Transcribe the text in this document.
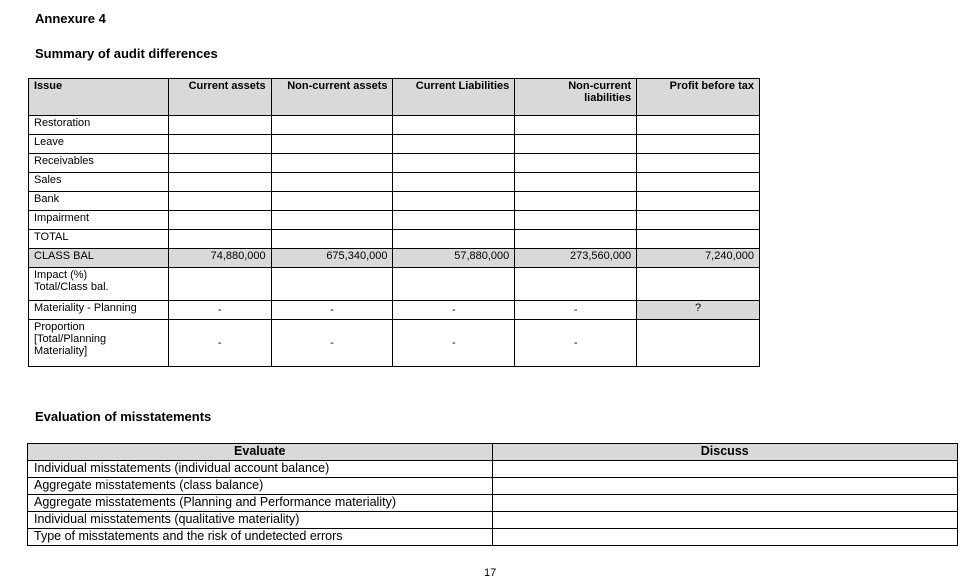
Annexure 4
Summary of audit differences
Issue	Current assets	Non-current assets	Current Liabilities	Non-current liabilities	Profit before tax
Restoration					
Leave					
Receivables					
Sales					
Bank					
Impairment					
TOTAL					
CLASS BAL	74,880,000	675,340,000	57,880,000	273,560,000	7,240,000
Impact (%)
Total/Class bal.					
Materiality - Planning	-	-	-	-	?
Proportion
[Total/Planning
Materiality]	-	-	-	-	
Evaluation of misstatements
Evaluate	Discuss
Individual misstatements (individual account balance)	
Aggregate misstatements (class balance)	
Aggregate misstatements (Planning and Performance materiality)	
Individual misstatements (qualitative materiality)	
Type of misstatements and the risk of undetected errors	
17
